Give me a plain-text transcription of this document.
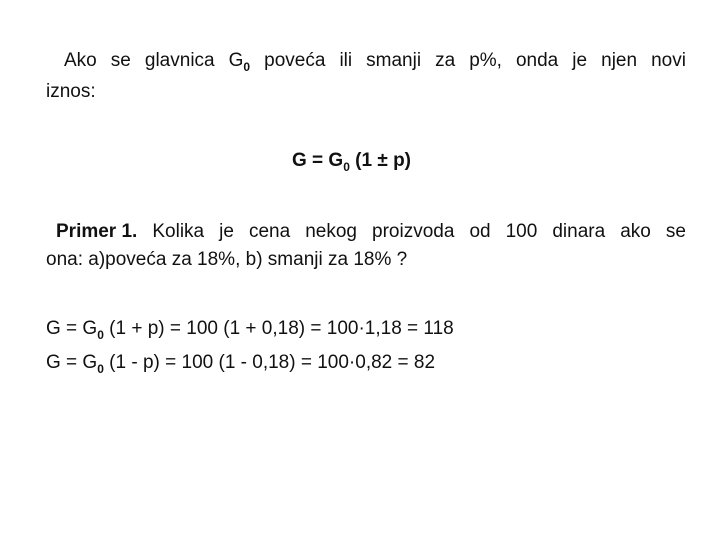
Ako se glavnica $G_0$ poveća ili smanji za p%, onda je njen novi
iznos:
$G = G_0$ (1 ± p)
Primer 1. Kolika je cena nekog proizvoda od 100 dinara ako se
ona: a)poveća za 18%, b) smanji za 18% ?
$G = G_0$ (1 + p) = 100 (1 + 0,18) = 100·1,18 = 118
$G = G_0$ (1 - p) = 100 (1 - 0,18) = 100·0,82 = 82
